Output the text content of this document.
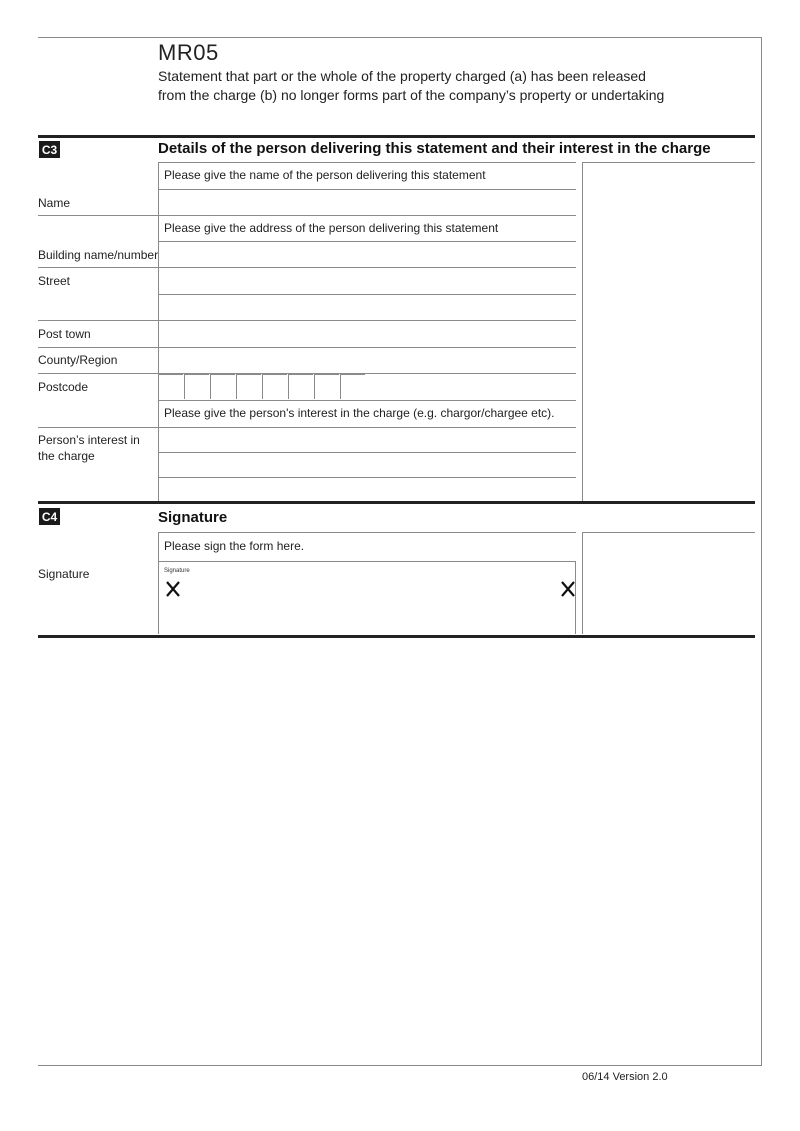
MR05
Statement that part or the whole of the property charged (a) has been released
from the charge (b) no longer forms part of the company’s property or undertaking
C3	Details of the person delivering this statement and their interest in the charge
Please give the name of the person delivering this statement
Name
Please give the address of the person delivering this statement
Building name/number
Street
Post town
County/Region
Postcode
Please give the person's interest in the charge (e.g. chargor/chargee etc).
Person’s interest in the charge
C4	Signature
Please sign the form here.
Signature	Signature
06/14 Version 2.0
